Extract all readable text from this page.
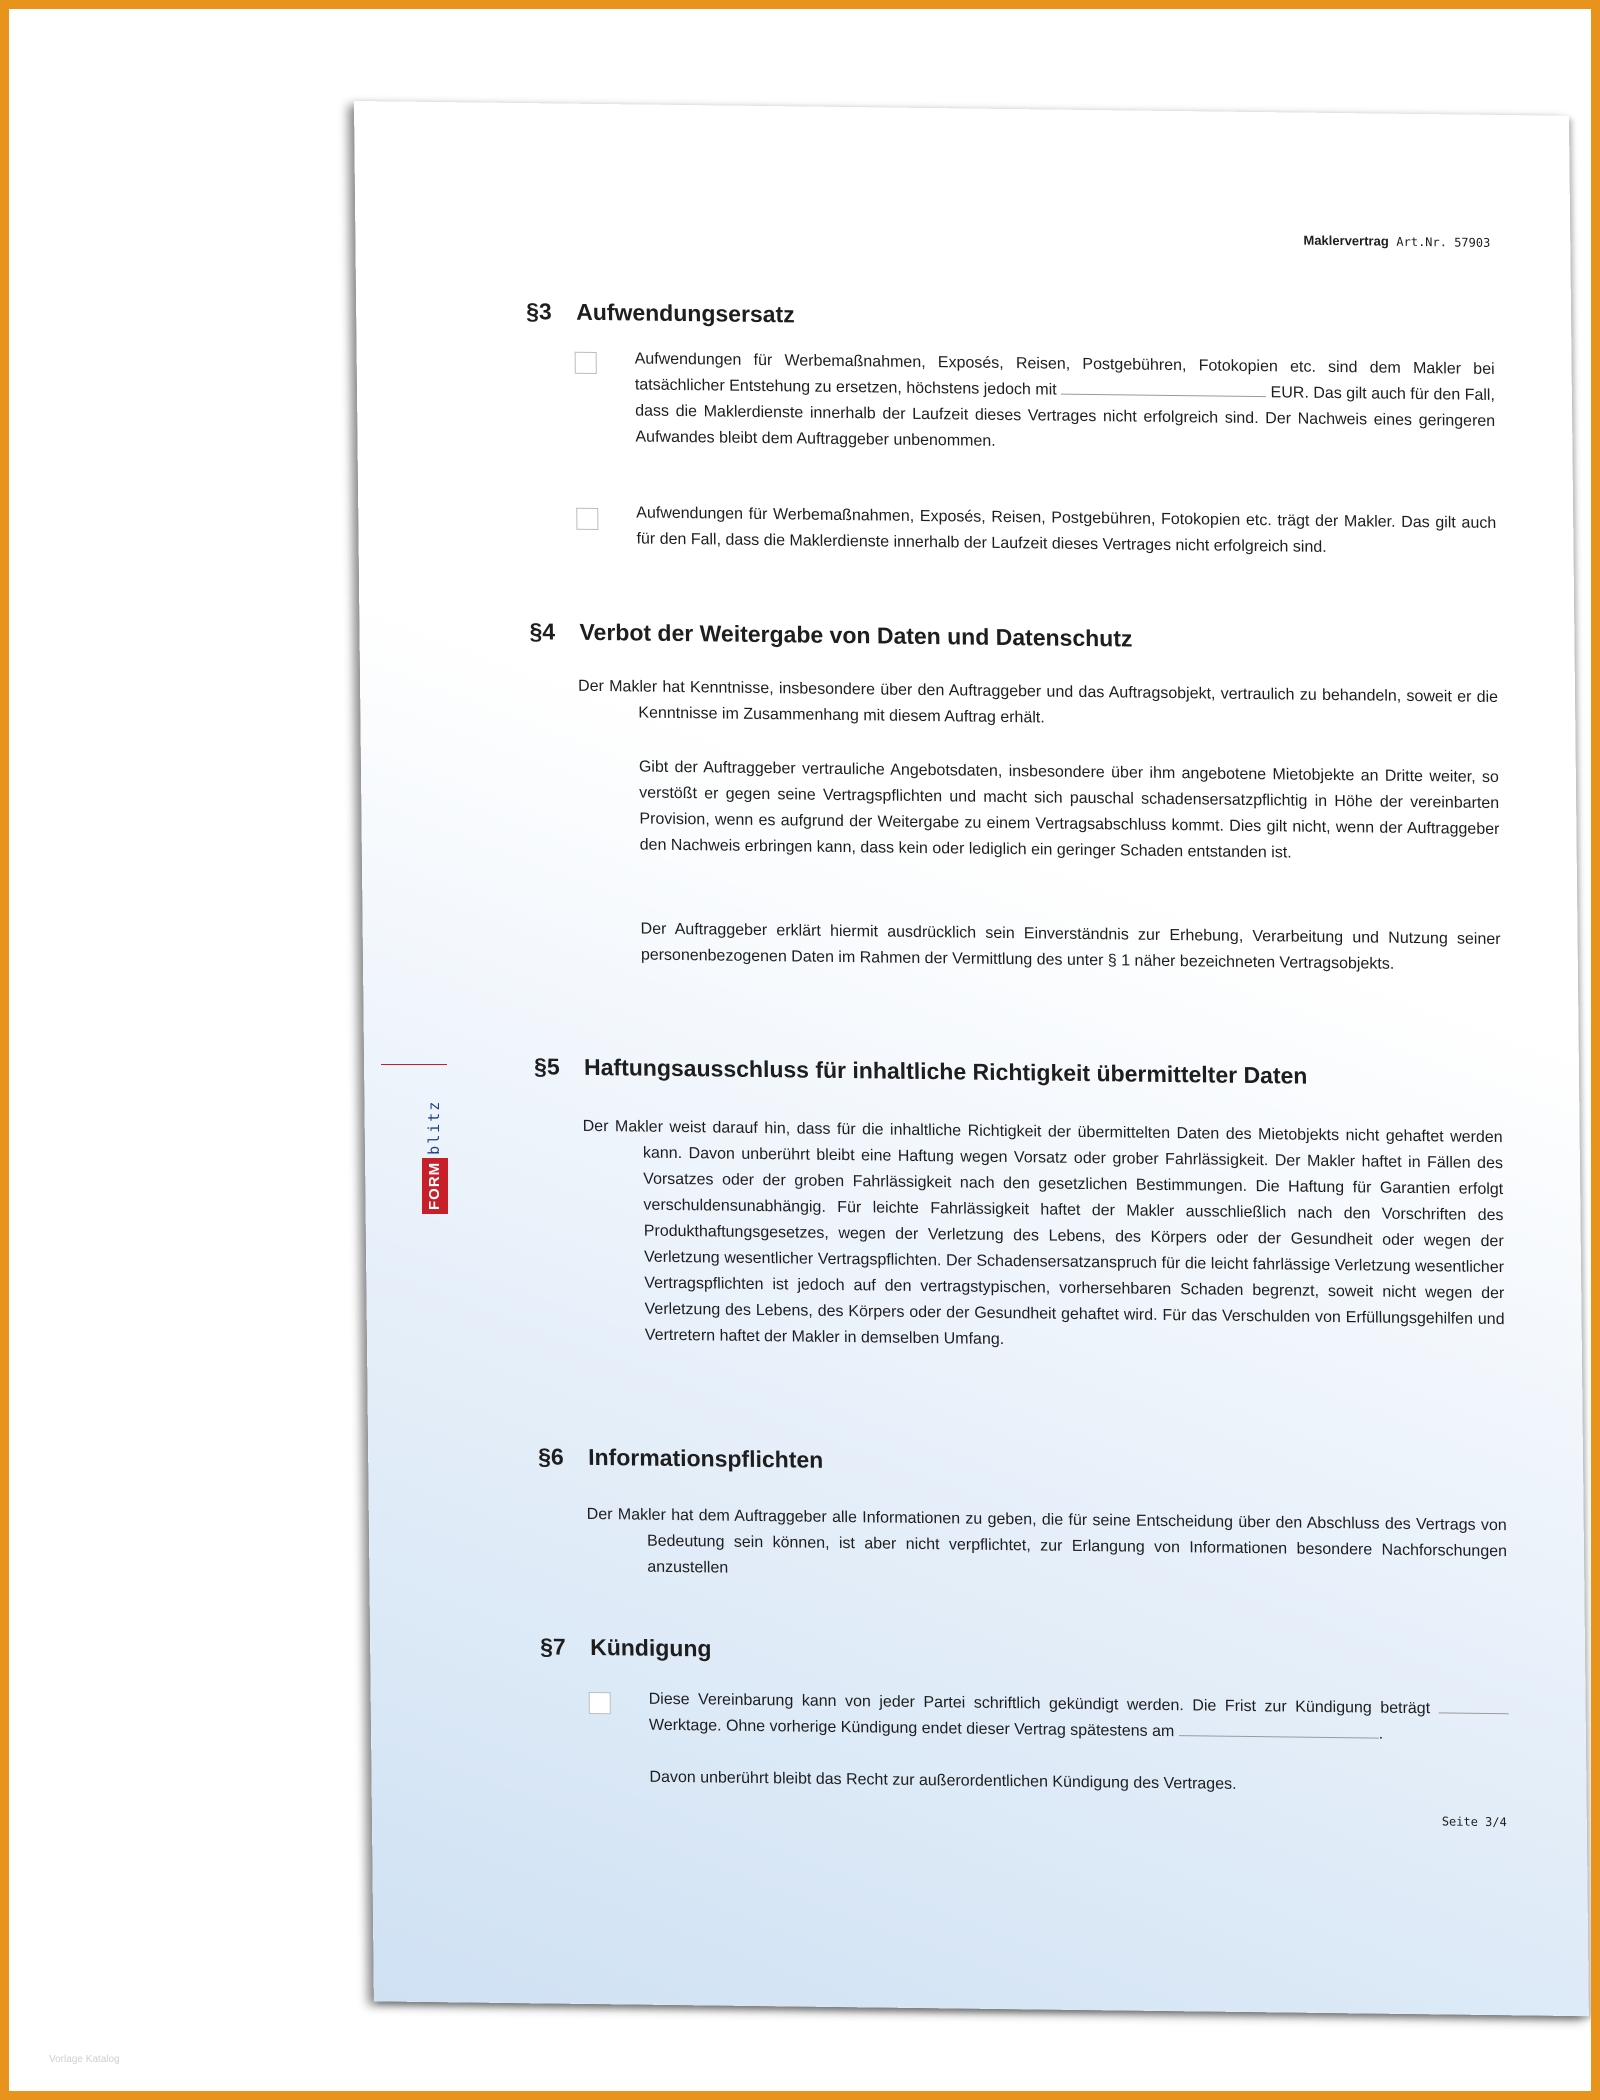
Maklervertrag Art.Nr. 57903
§3 Aufwendungsersatz
Aufwendungen für Werbemaßnahmen, Exposés, Reisen, Postgebühren, Fotokopien etc. sind dem Makler bei tatsächlicher Entstehung zu ersetzen, höchstens jedoch mit	EUR. Das gilt auch für den Fall, dass die Maklerdienste innerhalb der Laufzeit dieses Vertrages nicht erfolgreich sind. Der Nachweis eines geringeren Aufwandes bleibt dem Auftraggeber unbenommen.
Aufwendungen für Werbemaßnahmen, Exposés, Reisen, Postgebühren, Fotokopien etc. trägt der Makler. Das gilt auch für den Fall, dass die Maklerdienste innerhalb der Laufzeit dieses Vertrages nicht erfolgreich sind.
§4 Verbot der Weitergabe von Daten und Datenschutz
Der Makler hat Kenntnisse, insbesondere über den Auftraggeber und das Auftragsobjekt, vertraulich zu behandeln, soweit er die Kenntnisse im Zusammenhang mit diesem Auftrag erhält.
Gibt der Auftraggeber vertrauliche Angebotsdaten, insbesondere über ihm angebotene Mietobjekte an Dritte weiter, so verstößt er gegen seine Vertragspflichten und macht sich pauschal schadensersatzpflichtig in Höhe der vereinbarten Provision, wenn es aufgrund der Weitergabe zu einem Vertragsabschluss kommt. Dies gilt nicht, wenn der Auftraggeber den Nachweis erbringen kann, dass kein oder lediglich ein geringer Schaden entstanden ist.
Der Auftraggeber erklärt hiermit ausdrücklich sein Einverständnis zur Erhebung, Verarbeitung und Nutzung seiner personenbezogenen Daten im Rahmen der Vermittlung des unter § 1 näher bezeichneten Vertragsobjekts.
§5 Haftungsausschluss für inhaltliche Richtigkeit übermittelter Daten
Der Makler weist darauf hin, dass für die inhaltliche Richtigkeit der übermittelten Daten des Mietobjekts nicht gehaftet werden kann. Davon unberührt bleibt eine Haftung wegen Vorsatz oder grober Fahrlässigkeit. Der Makler haftet in Fällen des Vorsatzes oder der groben Fahrlässigkeit nach den gesetzlichen Bestimmungen. Die Haftung für Garantien erfolgt verschuldensunabhängig. Für leichte Fahrlässigkeit haftet der Makler ausschließlich nach den Vorschriften des Produkthaftungsgesetzes, wegen der Verletzung des Lebens, des Körpers oder der Gesundheit oder wegen der Verletzung wesentlicher Vertragspflichten. Der Schadensersatzanspruch für die leicht fahrlässige Verletzung wesentlicher Vertragspflichten ist jedoch auf den vertragstypischen, vorhersehbaren Schaden begrenzt, soweit nicht wegen der Verletzung des Lebens, des Körpers oder der Gesundheit gehaftet wird. Für das Verschulden von Erfüllungsgehilfen und Vertretern haftet der Makler in demselben Umfang.
§6 Informationspflichten
Der Makler hat dem Auftraggeber alle Informationen zu geben, die für seine Entscheidung über den Abschluss des Vertrags von Bedeutung sein können, ist aber nicht verpflichtet, zur Erlangung von Informationen besondere Nachforschungen anzustellen
§7 Kündigung
Diese Vereinbarung kann von jeder Partei schriftlich gekündigt werden. Die Frist zur Kündigung beträgt  Werktage. Ohne vorherige Kündigung endet dieser Vertrag spätestens am	.
Davon unberührt bleibt das Recht zur außerordentlichen Kündigung des Vertrages.
Seite 3/4
FORMblitz
Vorlage Katalog
